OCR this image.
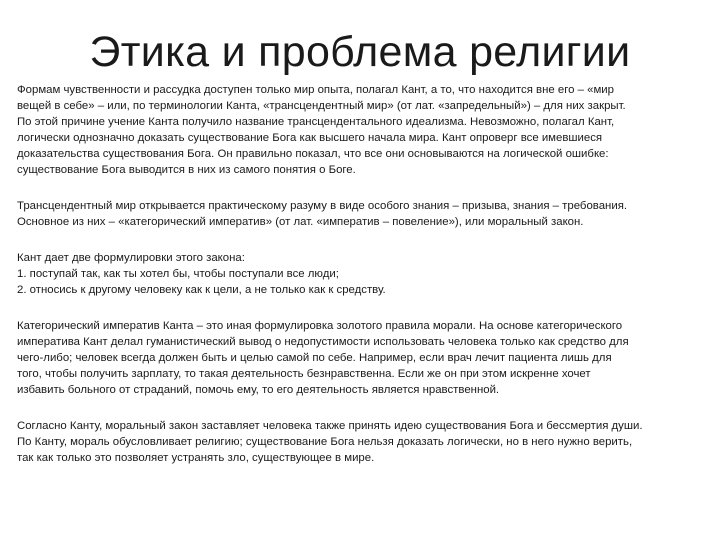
Этика и проблема религии

Формам чувственности и рассудка доступен только мир опыта, полагал Кант, а то, что находится вне его – «мир
вещей в себе» – или, по терминологии Канта, «трансцендентный мир» (от лат. «запредельный») – для них закрыт.
По этой причине учение Канта получило название трансцендентального идеализма. Невозможно, полагал Кант,
логически однозначно доказать существование Бога как высшего начала мира. Кант опроверг все имевшиеся
доказательства существования Бога. Он правильно показал, что все они основываются на логической ошибке:
существование Бога выводится в них из самого понятия о Боге.

Трансцендентный мир открывается практическому разуму в виде особого знания – призыва, знания – требования.
Основное из них – «категорический императив» (от лат. «императив – повеление»), или моральный закон.

Кант дает две формулировки этого закона:
1. поступай так, как ты хотел бы, чтобы поступали все люди;
2. относись к другому человеку как к цели, а не только как к средству.

Категорический императив Канта – это иная формулировка золотого правила морали. На основе категорического
императива Кант делал гуманистический вывод о недопустимости использовать человека только как средство для
чего-либо; человек всегда должен быть и целью самой по себе. Например, если врач лечит пациента лишь для
того, чтобы получить зарплату, то такая деятельность безнравственна. Если же он при этом искренне хочет
избавить больного от страданий, помочь ему, то его деятельность является нравственной.

Согласно Канту, моральный закон заставляет человека также принять идею существования Бога и бессмертия души.
По Канту, мораль обусловливает религию; существование Бога нельзя доказать логически, но в него нужно верить,
так как только это позволяет устранять зло, существующее в мире.
